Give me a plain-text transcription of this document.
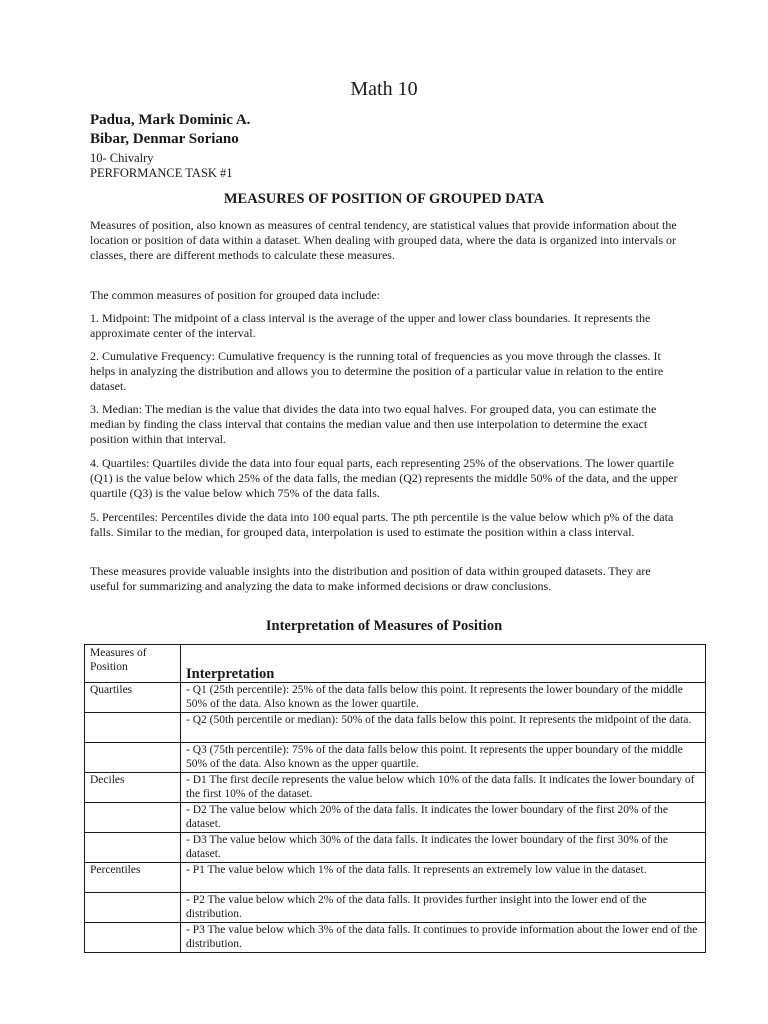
Math 10

Padua, Mark Dominic A.

Bibar, Denmar Soriano

10- Chivalry

PERFORMANCE TASK #1

MEASURES OF POSITION OF GROUPED DATA

Measures of position, also known as measures of central tendency, are statistical values that provide information about the location or position of data within a dataset. When dealing with grouped data, where the data is organized into intervals or classes, there are different methods to calculate these measures.

The common measures of position for grouped data include:

1. Midpoint: The midpoint of a class interval is the average of the upper and lower class boundaries. It represents the approximate center of the interval.

2. Cumulative Frequency: Cumulative frequency is the running total of frequencies as you move through the classes. It helps in analyzing the distribution and allows you to determine the position of a particular value in relation to the entire dataset.

3. Median: The median is the value that divides the data into two equal halves. For grouped data, you can estimate the median by finding the class interval that contains the median value and then use interpolation to determine the exact position within that interval.

4. Quartiles: Quartiles divide the data into four equal parts, each representing 25% of the observations. The lower quartile (Q1) is the value below which 25% of the data falls, the median (Q2) represents the middle 50% of the data, and the upper quartile (Q3) is the value below which 75% of the data falls.

5. Percentiles: Percentiles divide the data into 100 equal parts. The pth percentile is the value below which p% of the data falls. Similar to the median, for grouped data, interpolation is used to estimate the position within a class interval.

These measures provide valuable insights into the distribution and position of data within grouped datasets. They are useful for summarizing and analyzing the data to make informed decisions or draw conclusions.

Interpretation of Measures of Position
Measures of Position	Interpretation
Quartiles	- Q1 (25th percentile): 25% of the data falls below this point. It represents the lower boundary of the middle 50% of the data. Also known as the lower quartile.
	- Q2 (50th percentile or median): 50% of the data falls below this point. It represents the midpoint of the data.
	- Q3 (75th percentile): 75% of the data falls below this point. It represents the upper boundary of the middle 50% of the data. Also known as the upper quartile.
Deciles	- D1 The first decile represents the value below which 10% of the data falls. It indicates the lower boundary of the first 10% of the dataset.
	- D2 The value below which 20% of the data falls. It indicates the lower boundary of the first 20% of the dataset.
	- D3 The value below which 30% of the data falls. It indicates the lower boundary of the first 30% of the dataset.
Percentiles	- P1 The value below which 1% of the data falls. It represents an extremely low value in the dataset.
	- P2 The value below which 2% of the data falls. It provides further insight into the lower end of the distribution.
	- P3 The value below which 3% of the data falls. It continues to provide information about the lower end of the distribution.
